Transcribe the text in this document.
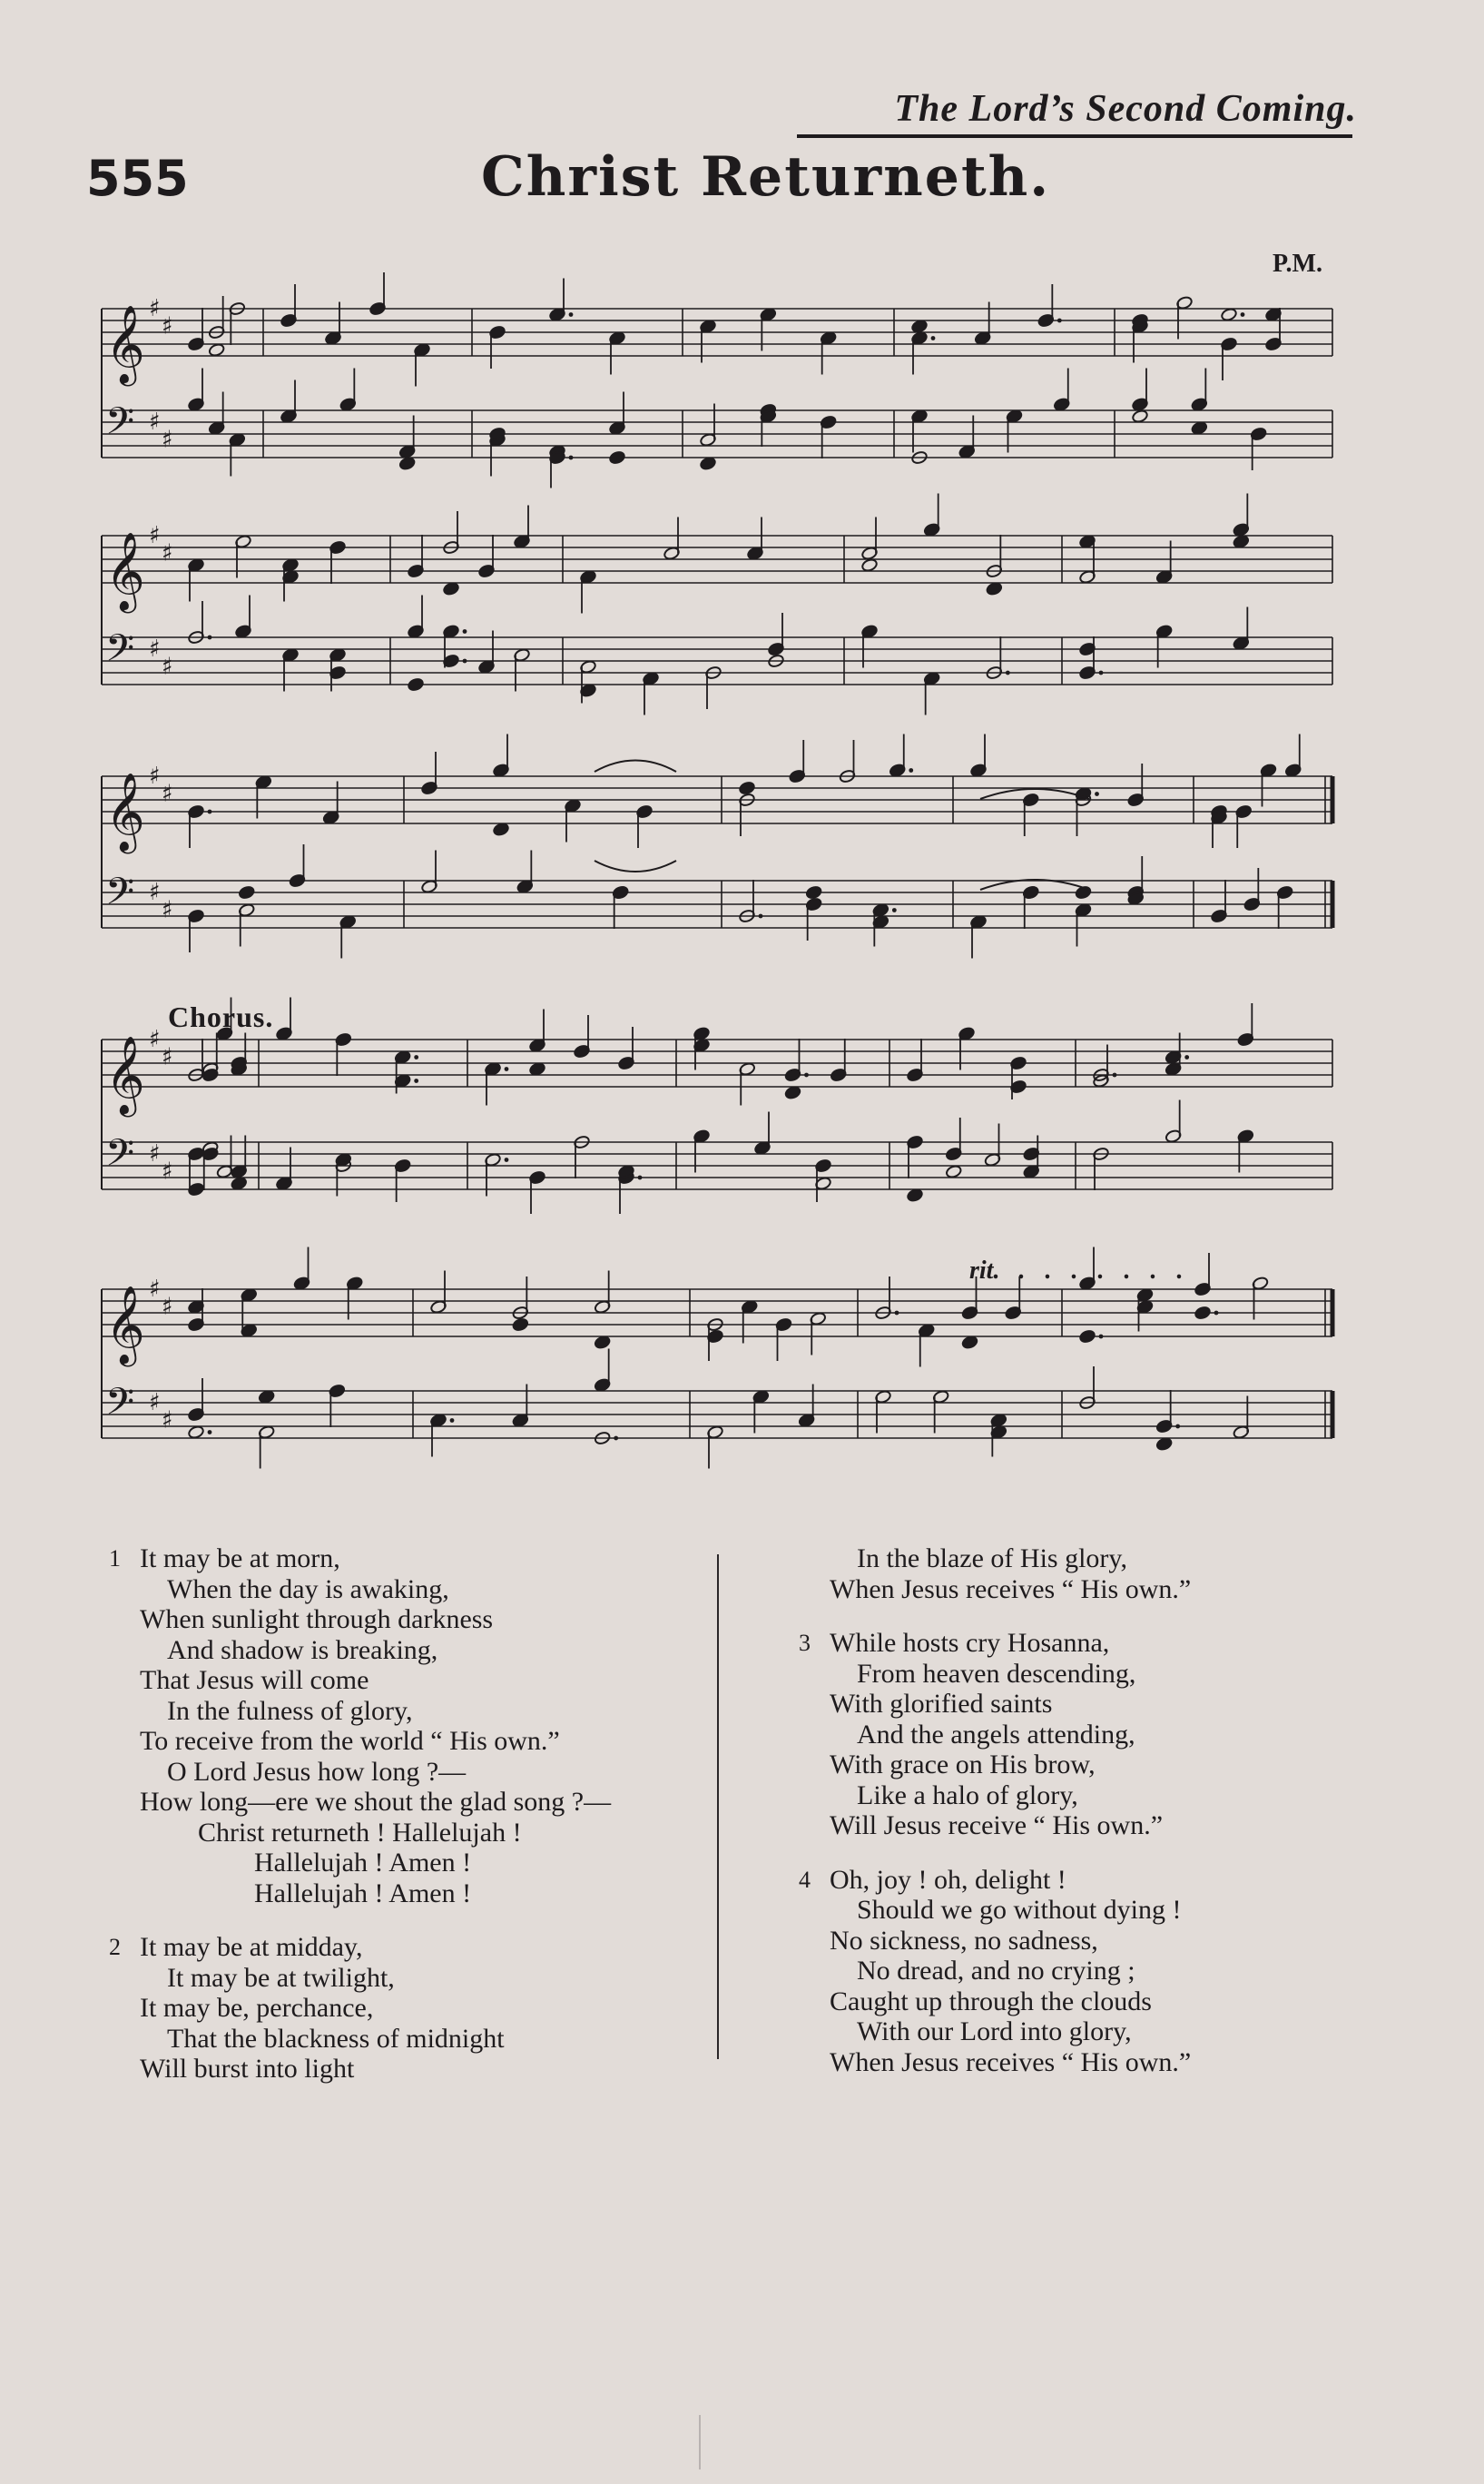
The Lord’s Second Coming.
555	Christ Returneth.
P.M.
𝄞 ♯
♯
𝄢 ♯
♯
𝄞 ♯
♯
𝄢 ♯
♯
𝄞 ♯
♯
𝄢 ♯
♯
𝄞 ♯
♯
𝄢 ♯
♯
𝄞 ♯
♯
𝄢 ♯
♯
Chorus.
rit. .......
1 It may be at morn,
When the day is awaking,
When sunlight through darkness
And shadow is breaking,
That Jesus will come
In the fulness of glory,
To receive from the world “ His own.”
O Lord Jesus how long ?—
How long—ere we shout the glad song ?—
Christ returneth ! Hallelujah !
Hallelujah ! Amen !
Hallelujah ! Amen !
2 It may be at midday,
It may be at twilight,
It may be, perchance,
That the blackness of midnight
Will burst into light
In the blaze of His glory,
When Jesus receives “ His own.”
3 While hosts cry Hosanna,
From heaven descending,
With glorified saints
And the angels attending,
With grace on His brow,
Like a halo of glory,
Will Jesus receive “ His own.”
4 Oh, joy ! oh, delight !
Should we go without dying !
No sickness, no sadness,
No dread, and no crying ;
Caught up through the clouds
With our Lord into glory,
When Jesus receives “ His own.”
